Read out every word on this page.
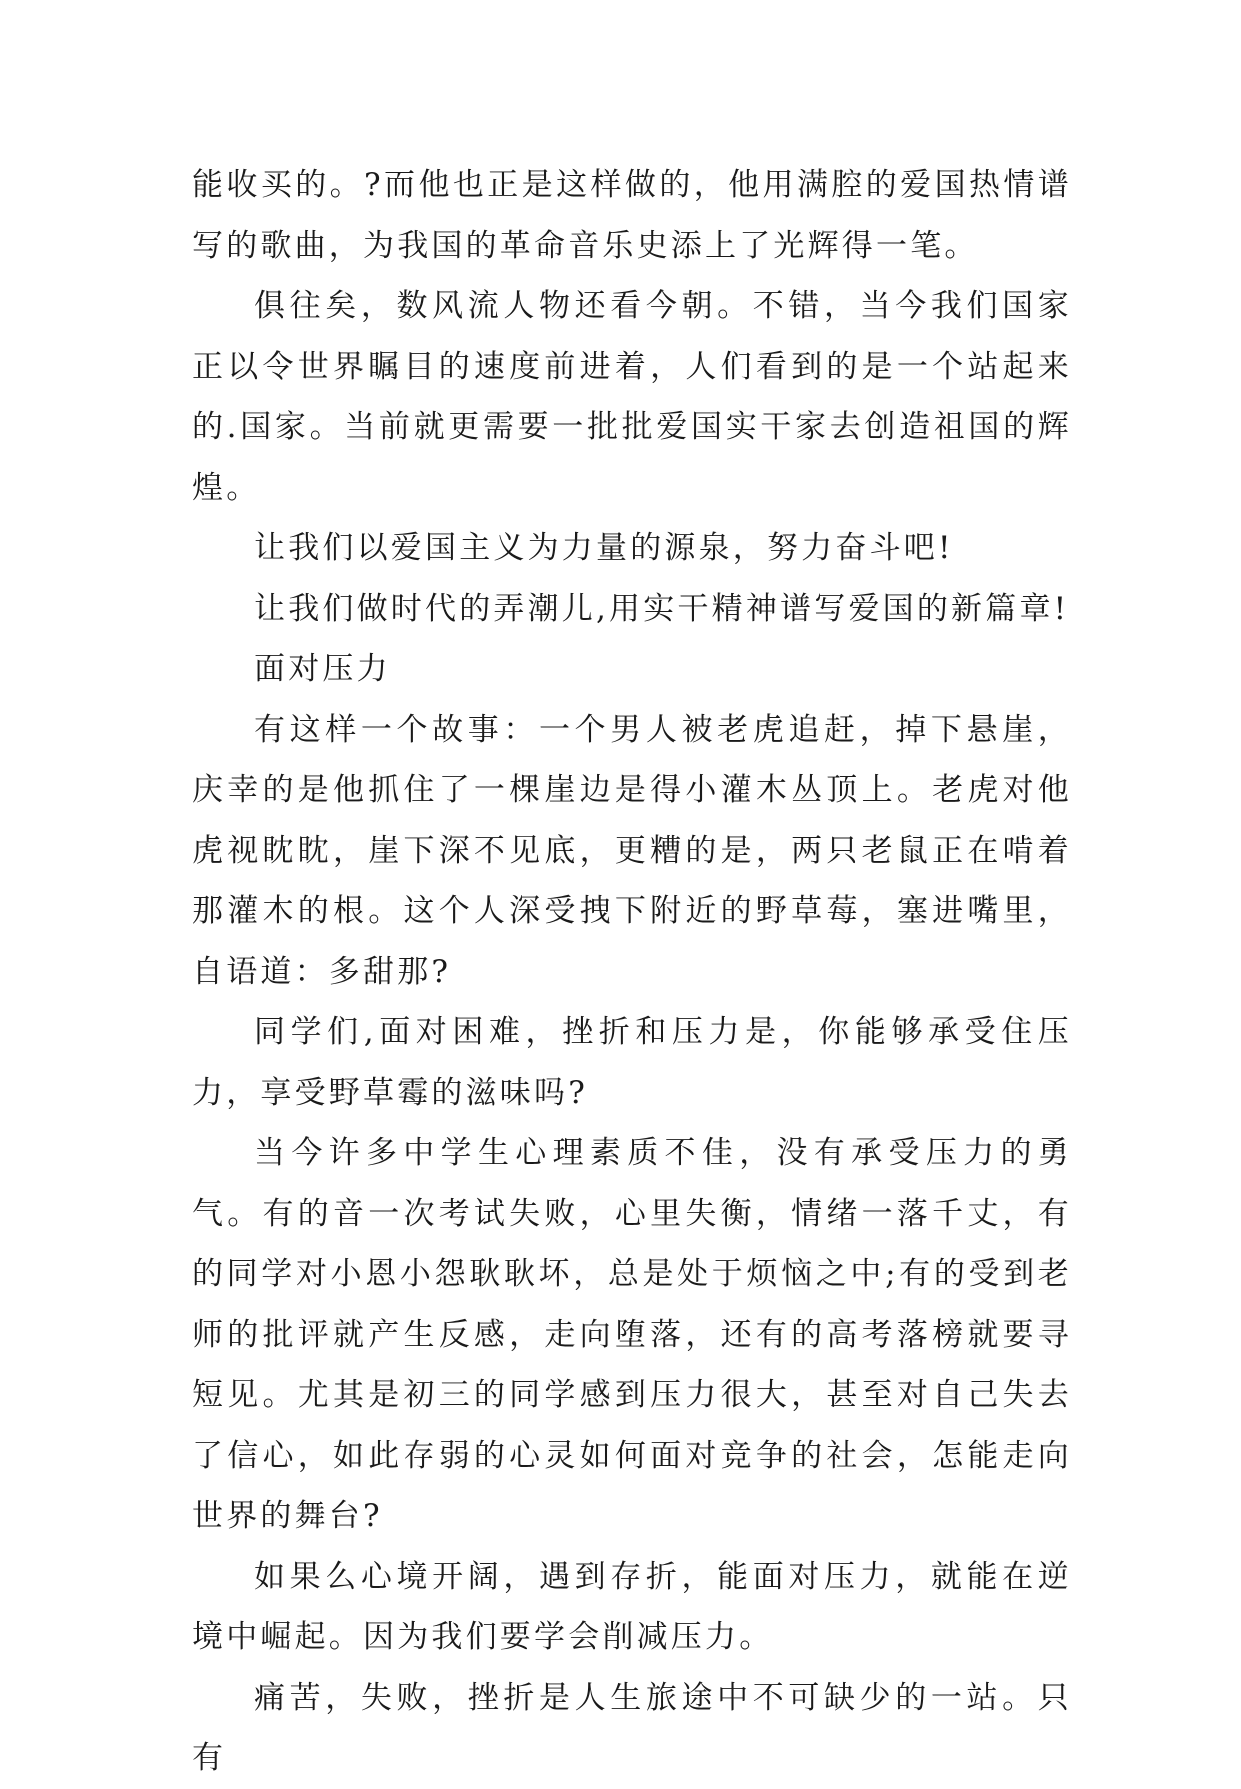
能收买的。?而他也正是这样做的，他用满腔的爱国热情谱写的歌曲，为我国的革命音乐史添上了光辉得一笔。

俱往矣，数风流人物还看今朝。不错，当今我们国家正以令世界瞩目的速度前进着，人们看到的是一个站起来的.国家。当前就更需要一批批爱国实干家去创造祖国的辉煌。

让我们以爱国主义为力量的源泉，努力奋斗吧!

让我们做时代的弄潮儿,用实干精神谱写爱国的新篇章!

面对压力

有这样一个故事：一个男人被老虎追赶，掉下悬崖，庆幸的是他抓住了一棵崖边是得小灌木丛顶上。老虎对他虎视眈眈，崖下深不见底，更糟的是，两只老鼠正在啃着那灌木的根。这个人深受拽下附近的野草莓，塞进嘴里，自语道：多甜那?

同学们,面对困难，挫折和压力是，你能够承受住压力，享受野草霉的滋味吗?

当今许多中学生心理素质不佳，没有承受压力的勇气。有的音一次考试失败，心里失衡，情绪一落千丈，有的同学对小恩小怨耿耿坏，总是处于烦恼之中;有的受到老师的批评就产生反感，走向堕落，还有的高考落榜就要寻短见。尤其是初三的同学感到压力很大，甚至对自己失去了信心，如此存弱的心灵如何面对竞争的社会，怎能走向世界的舞台?

如果么心境开阔，遇到存折，能面对压力，就能在逆境中崛起。因为我们要学会削减压力。

痛苦，失败，挫折是人生旅途中不可缺少的一站。只有
